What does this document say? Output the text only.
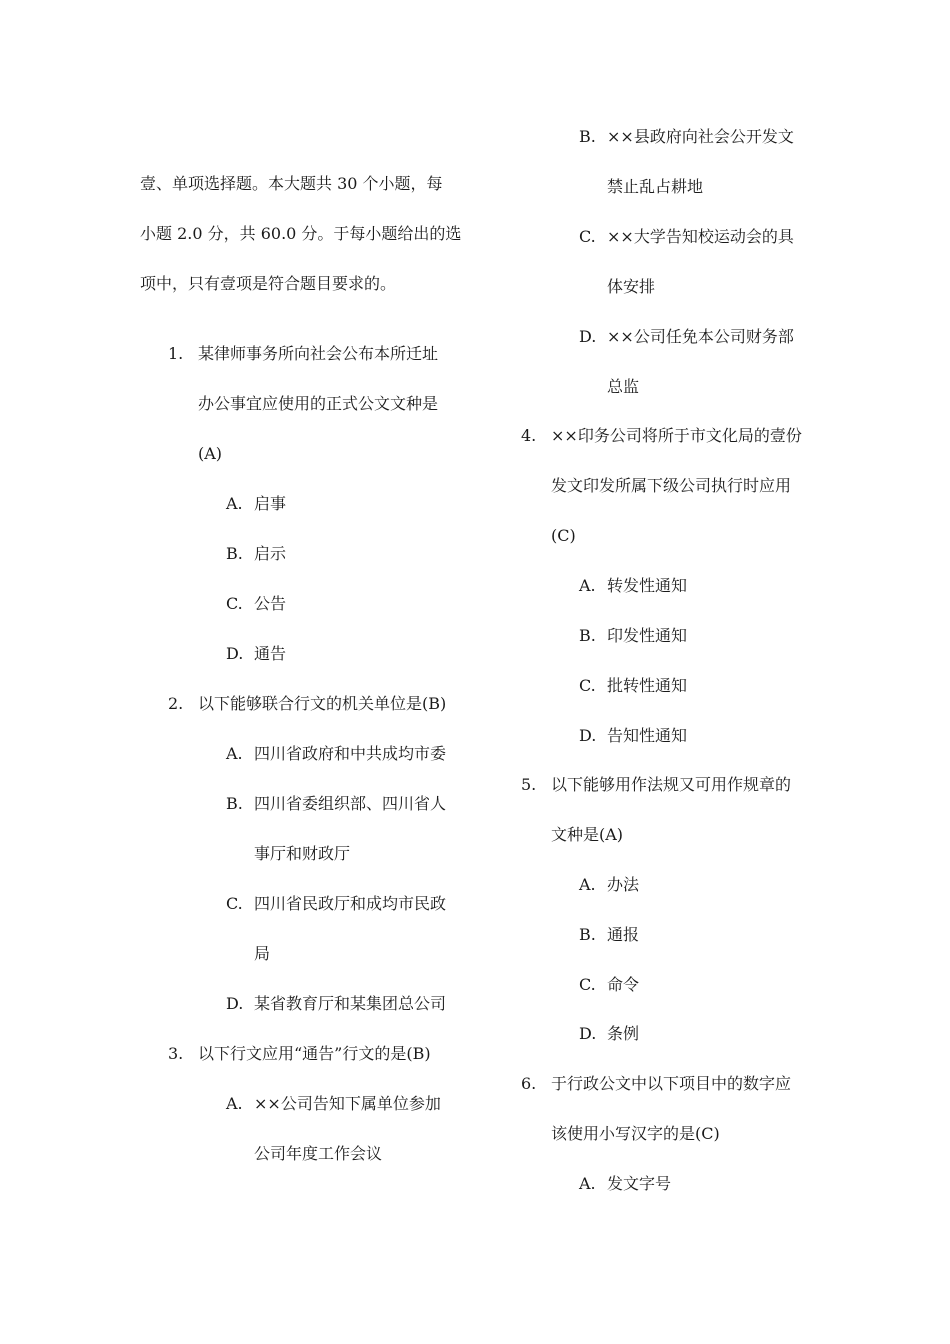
壹、单项选择题。本大题共 30 个小题，每
小题 2.0 分，共 60.0 分。于每小题给出的选
项中，只有壹项是符合题目要求的。
1. 某律师事务所向社会公布本所迁址
办公事宜应使用的正式公文文种是
(A)
A. 启事
B. 启示
C. 公告
D. 通告
2. 以下能够联合行文的机关单位是(B)
A. 四川省政府和中共成均市委
B. 四川省委组织部、四川省人
事厅和财政厅
C. 四川省民政厅和成均市民政
局
D. 某省教育厅和某集团总公司
3. 以下行文应用“通告”行文的是(B)
A. ××公司告知下属单位参加
公司年度工作会议
B. ××县政府向社会公开发文
禁止乱占耕地
C. ××大学告知校运动会的具
体安排
D. ××公司任免本公司财务部
总监
4. ××印务公司将所于市文化局的壹份
发文印发所属下级公司执行时应用
(C)
A. 转发性通知
B. 印发性通知
C. 批转性通知
D. 告知性通知
5. 以下能够用作法规又可用作规章的
文种是(A)
A. 办法
B. 通报
C. 命令
D. 条例
6. 于行政公文中以下项目中的数字应
该使用小写汉字的是(C)
A. 发文字号
